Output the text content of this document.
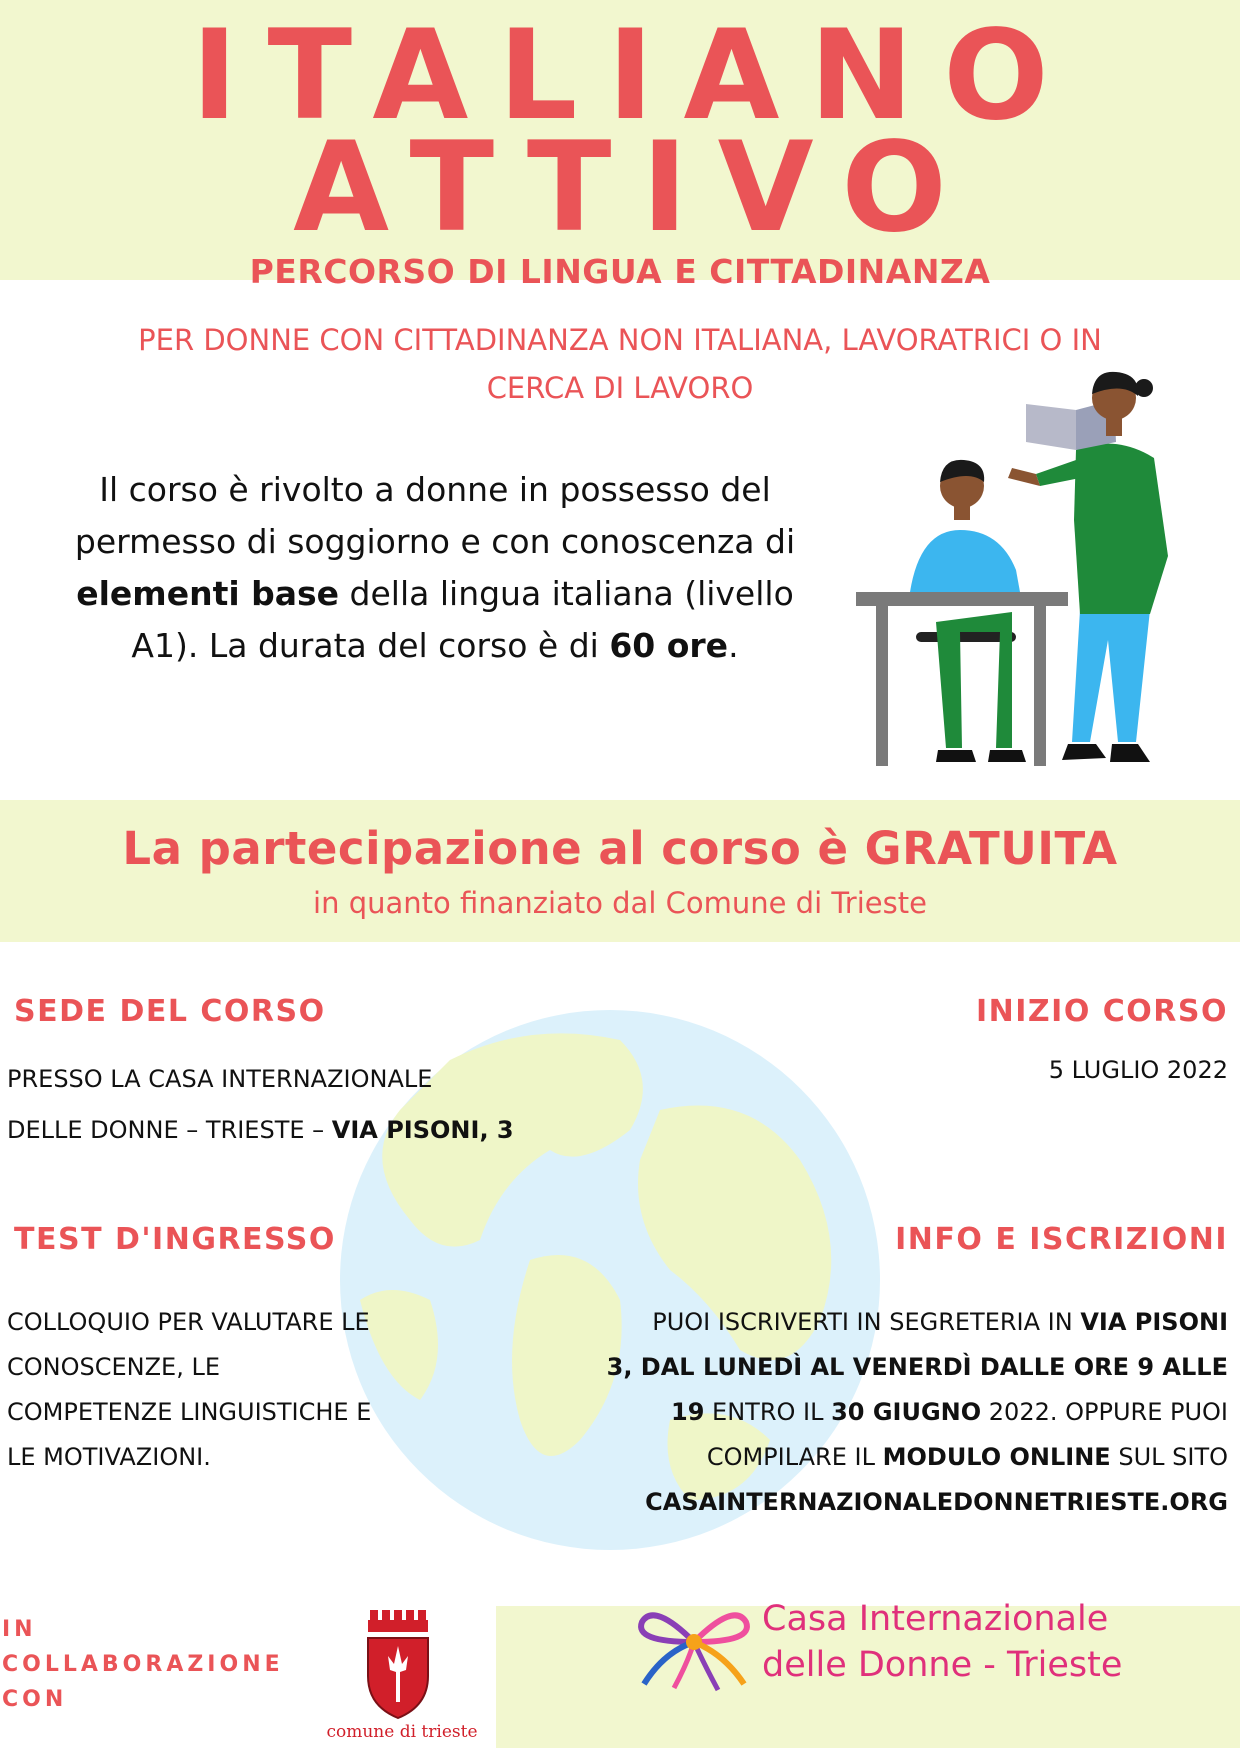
ITALIANO
ATTIVO
PERCORSO DI LINGUA E CITTADINANZA
PER DONNE CON CITTADINANZA NON ITALIANA, LAVORATRICI O IN
CERCA DI LAVORO
Il corso è rivolto a donne in possesso del permesso di soggiorno e con conoscenza di elementi base della lingua italiana (livello A1). La durata del corso è di 60 ore.
La partecipazione al corso è GRATUITA
in quanto finanziato dal Comune di Trieste
SEDE DEL CORSO
PRESSO LA CASA INTERNAZIONALE
DELLE DONNE – TRIESTE – VIA PISONI, 3
INIZIO CORSO
5 LUGLIO 2022
TEST D'INGRESSO
COLLOQUIO PER VALUTARE LE
CONOSCENZE, LE
COMPETENZE LINGUISTICHE E
LE MOTIVAZIONI.
INFO E ISCRIZIONI
PUOI ISCRIVERTI IN SEGRETERIA IN VIA PISONI
3, DAL LUNEDÌ AL VENERDÌ DALLE ORE 9 ALLE
19 ENTRO IL 30 GIUGNO 2022. OPPURE PUOI
COMPILARE IL MODULO ONLINE SUL SITO
CASAINTERNAZIONALEDONNETRIESTE.ORG
IN
COLLABORAZIONE
CON
comune di trieste
Casa Internazionale
delle Donne - Trieste
